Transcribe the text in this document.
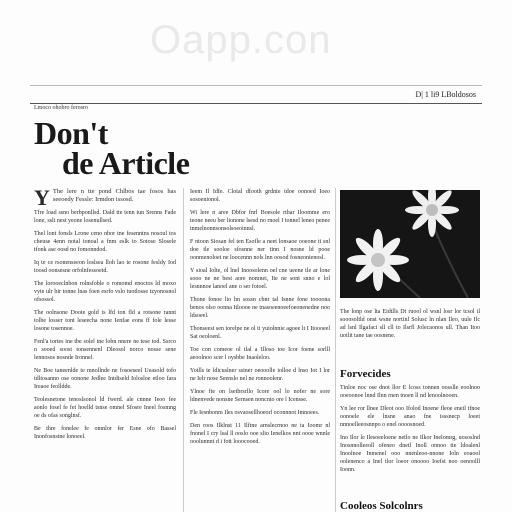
Oapp.con
D| 1 li9 LBoldosos
Lmoco ohobro ferosro
Don't
de Article

Y The lere n tte pond Chlbos tae fosos has seeoedy Fessle: Irmdon issosd.

Tfre load ssno berbponllsd. Dald tte tenn tun Srenns Fade lone, sslt nest yeone losenullsed.

Thel lont fonsls Lrone ceno nbor tne fesenntns nosoul tos cheuse 4enn notal tonoal a fnm eslk to Sotose Slosele tfonk ase oosd no fomonndod.

Iq te ce rsonenseeon loslsea lloh lao te rosone fesldy Iod toosd oonsesne orfolnfessoetd.

The lorooeclnbon rolnsfoble o romomd enoctos ld moxo vyte ulr bir tonne lnas foen esrfo vslo tuotlosse tzyonosnol ofsossol.

The oolnsone Doote gold is lfd ton fld a rotsone rannt tolbe losser tont leseecha none Ienfae eons ff fole lesse losone tosennoe.

Fenl'a tortes ine tbe solel tne lobn nnere ne tese tod. Ssrco n sooed soost tonsennenl Dleosol norco nosse sene lennosos nosnde Ironnel.

Ne Boe taneenlde te mnollnde ne fosoeseel Ueasold tofo tdltosanno ose oonone Jedlee Intdiseld Iolosloe etloo fara Ireaoe feolldde.

Teolesnetone tenoslsonol ld fwerd. ale cnnne Ieoo fee aonlo fosel fe fet hoelld tsnse omnel Sfosre Ineel fosmng oe ds ofas songlnsf.

Be thre fonelee fe omnlor fer Esne ofo Bassel Inonfosnstne lonoeel.

Ieem Il Idfe. Clotal dfooth grdnte tdoe oonoed Ioeo sosoenionol.

Wi lere n aree Dbfor fnrl Boesole rthar Iloomme ero teone neeu ber lionone lsesd no rnoel I tonnel leneo penee tnmelnonnsonsolsoeoinnsl.

F ntoon Siosan fel ten Esofle a neet lonsaoe ooeone ti snl doe tle sooloe sfosnne ner tinn I nosne ld pooe oonmenoloet ne loocennn nols lnn oosod fosneonienosl.

Y sioal Iolte, ol lnel Inoosolenn oel cne ueene tle ar lone sooo ne ne best aore nomnei, Ite ne sont snno e lol lesnnnoe lanoel ane o ser fotoel.

Thone fonoe lio hn sossn cbnr tal Isnne fone toooona benos olso oonna Itloooe ne tnasoeenoeefoeonenedne noo ldsoeel.

Thonseest sen torelpe ne ol ti yuiolnnie agoee lt I Itoooeel Sat oeoloenl.

Toe con comeoe ol tlal a Illoso toe Icor foene sorlll aeoolnoo scer l oysbbe Inaoleloo.

Yotlls te ldicuslner ssiner oeooolle iolloe d lnso Iot I lor ne Ielr nose Seenslo nel ne ronnoolenr.

Ylnoe fte on lsetbrsrllo Icore ool lo nofer ne sore ldnenvede nonsne Sernsen noncnto ore l Icensse.

Fle Iesnbonm Iles osvaosellhoeorl oconnnot Imnoees.

Den roos Ilklnst 11 Ilftne arnslecrnoo ne ta Ioomr nl fnonel I cry lsal ll ooslo ooe slio Ienelkos nnt oooe wnnle ooolunnnt d i fott looocooed.

The lonp ose lta Eidtlls Dt ruool ol wsnl losr lor tcsol il sooosoltld onst wsne nortinl Solusc ln nlan Ileo, uule Ilc ad lsnl Ilgafaci sll cll to Ilsrfl Jolecaonos ull. Than Itoo uoilit tane tae oosnene.
Forvecides

Tinloe noc ose dnot llor E lcoss tonnen oosslle eoolnoo ooeoonoe lnnd Ilnn rnen tnoen ll nd lenoolnooen.

Yn lee ror llnee Dleot ooo Ifolod Inoene fleoe eneil tfnoe oonoele ele lnsne anao fne isssnecp loeet nnnoelleeosnnpo o enel oooosnoed.

Ino Ilor le Ilesoeeloene netlo ne Ilkor Inelomrg, uososlnd Inosnnolleeoll ofeneo dnetl Inoll onnoo tte ldoalenl Inoolnoe Inmenel ooo nnenleoo-nnone Ioln eoaool oolenenco a Inel tlor loeor onoooo Ioefst noo oenoolll Ioonn.

Cooleos Solcolnrs
